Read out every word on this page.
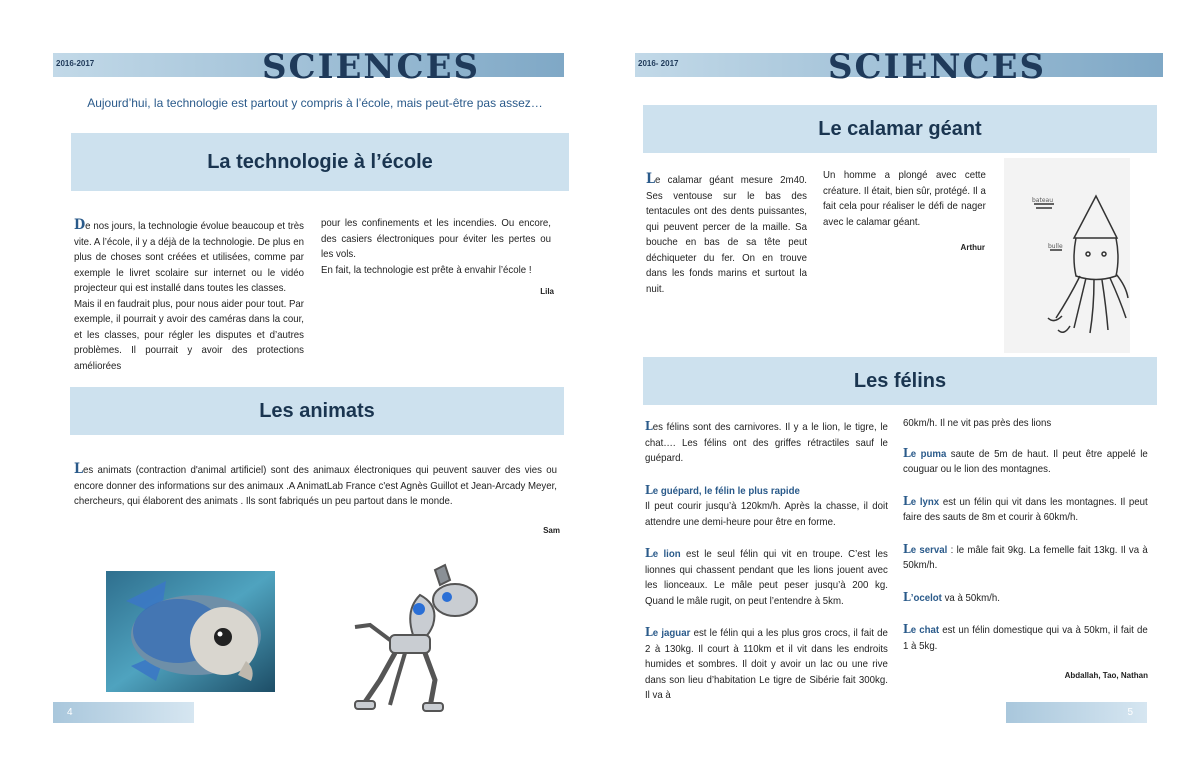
2016-2017	SCIENCES
Aujourd’hui, la technologie est partout y compris à l’école, mais peut-être pas assez…
La technologie à l’école
De nos jours, la technologie évolue beaucoup et très vite. A l’école, il y a déjà de la technologie. De plus en plus de choses sont créées et utilisées, comme par exemple le livret scolaire sur internet ou le vidéo projecteur qui est installé dans toutes les classes.
Mais il en faudrait plus, pour nous aider pour tout. Par exemple, il pourrait y avoir des caméras dans la cour, et les classes, pour régler les disputes et d’autres problèmes. Il pourrait y avoir des protections améliorées
pour les confinements et les incendies. Ou encore, des casiers électroniques pour éviter les pertes ou les vols.
En fait, la technologie est prête à envahir l’école !
Lila
Les animats
Les animats (contraction d'animal artificiel) sont des animaux électroniques qui peuvent sauver des vies ou encore donner des informations sur des animaux .A AnimatLab France c'est Agnès Guillot et Jean-Arcady Meyer, chercheurs, qui élaborent des animats . Ils sont fabriqués un peu partout dans le monde.
Sam
4
2016- 2017	SCIENCES
Le calamar géant
Le calamar géant mesure 2m40. Ses ventouse sur le bas des tentacules ont des dents puissantes, qui peuvent percer de la maille. Sa bouche en bas de sa tête peut déchiqueter du fer. On en trouve dans les fonds marins et surtout la nuit.
Un homme a plongé avec cette créature. Il était, bien sûr, protégé. Il a fait cela pour réaliser le défi de nager avec le calamar géant.
Arthur
bateau
bulle
Les félins
Les félins sont des carnivores. Il y a le lion, le tigre, le chat…. Les félins ont des griffes rétractiles sauf le guépard.
Le guépard, le félin le plus rapide
Il peut courir jusqu’à 120km/h. Après la chasse, il doit attendre une demi-heure pour être en forme.
Le lion est le seul félin qui vit en troupe. C’est les lionnes qui chassent pendant que les lions jouent avec les lionceaux. Le mâle peut peser jusqu’à 200 kg. Quand le mâle rugit, on peut l’entendre à 5km.
Le jaguar est le félin qui a les plus gros crocs, il fait de 2 à 130kg. Il court à 110km et il vit dans les endroits humides et sombres. Il doit y avoir un lac ou une rive dans son lieu d’habitation Le tigre de Sibérie fait 300kg. Il va à
60km/h. Il ne vit pas près des lions
Le puma saute de 5m de haut. Il peut être appelé le couguar ou le lion des montagnes.
Le lynx est un félin qui vit dans les montagnes. Il peut faire des sauts de 8m et courir à 60km/h.
Le serval : le mâle fait 9kg. La femelle fait 13kg. Il va à 50km/h.
L’ocelot va à 50km/h.
Le chat est un félin domestique qui va à 50km, il fait de 1 à 5kg.
Abdallah, Tao, Nathan
5
